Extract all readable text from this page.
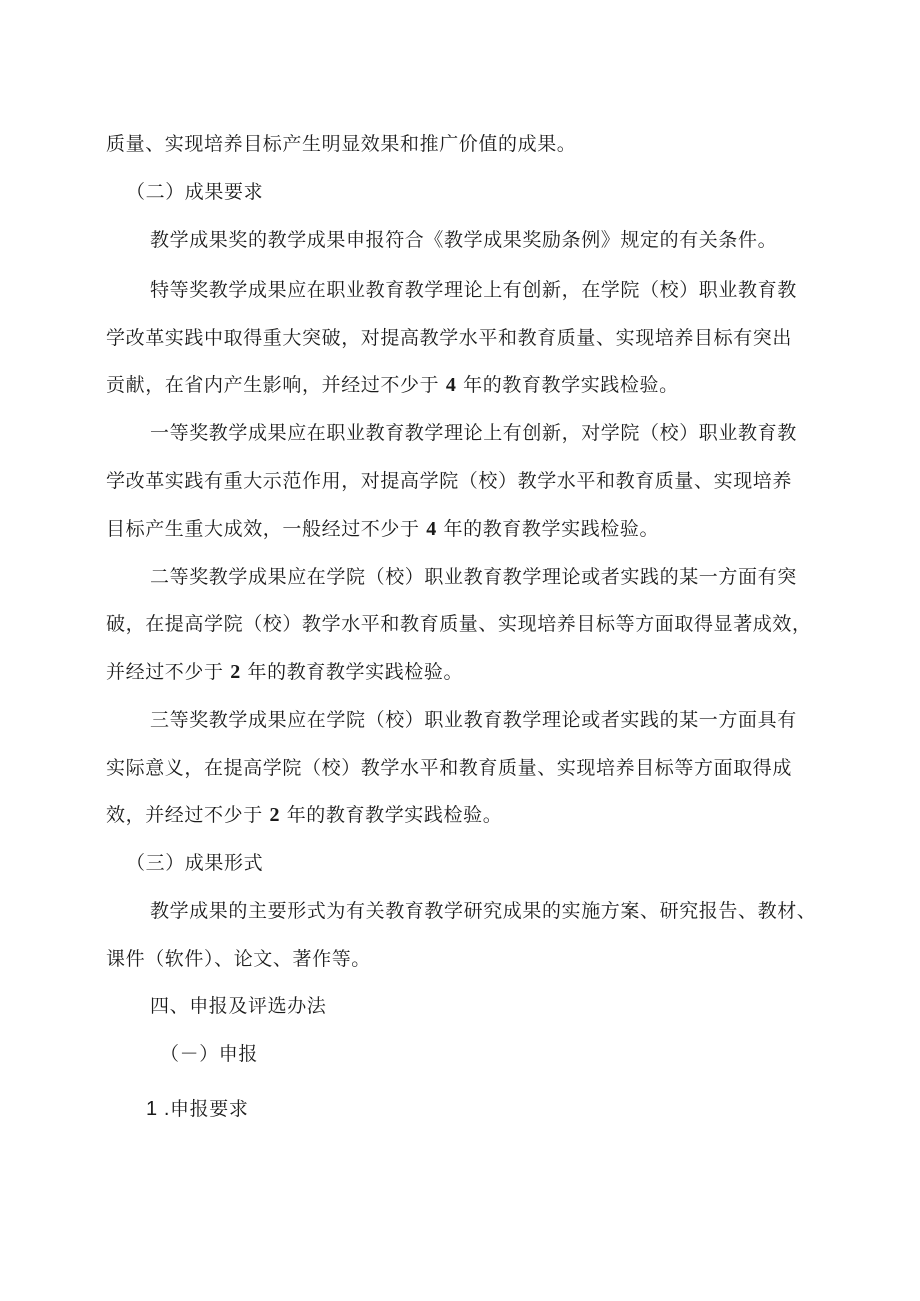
质量、实现培养目标产生明显效果和推广价值的成果。
（二）成果要求
教学成果奖的教学成果申报符合《教学成果奖励条例》规定的有关条件。
特等奖教学成果应在职业教育教学理论上有创新，在学院（校）职业教育教
学改革实践中取得重大突破，对提高教学水平和教育质量、实现培养目标有突出
贡献，在省内产生影响，并经过不少于 4 年的教育教学实践检验。
一等奖教学成果应在职业教育教学理论上有创新，对学院（校）职业教育教
学改革实践有重大示范作用，对提高学院（校）教学水平和教育质量、实现培养
目标产生重大成效，一般经过不少于 4 年的教育教学实践检验。
二等奖教学成果应在学院（校）职业教育教学理论或者实践的某一方面有突
破，在提高学院（校）教学水平和教育质量、实现培养目标等方面取得显著成效，
并经过不少于 2 年的教育教学实践检验。
三等奖教学成果应在学院（校）职业教育教学理论或者实践的某一方面具有
实际意义，在提高学院（校）教学水平和教育质量、实现培养目标等方面取得成
效，并经过不少于 2 年的教育教学实践检验。
（三）成果形式
教学成果的主要形式为有关教育教学研究成果的实施方案、研究报告、教材、
课件（软件）、论文、著作等。
四、申报及评选办法
（－）申报
1 .申报要求
